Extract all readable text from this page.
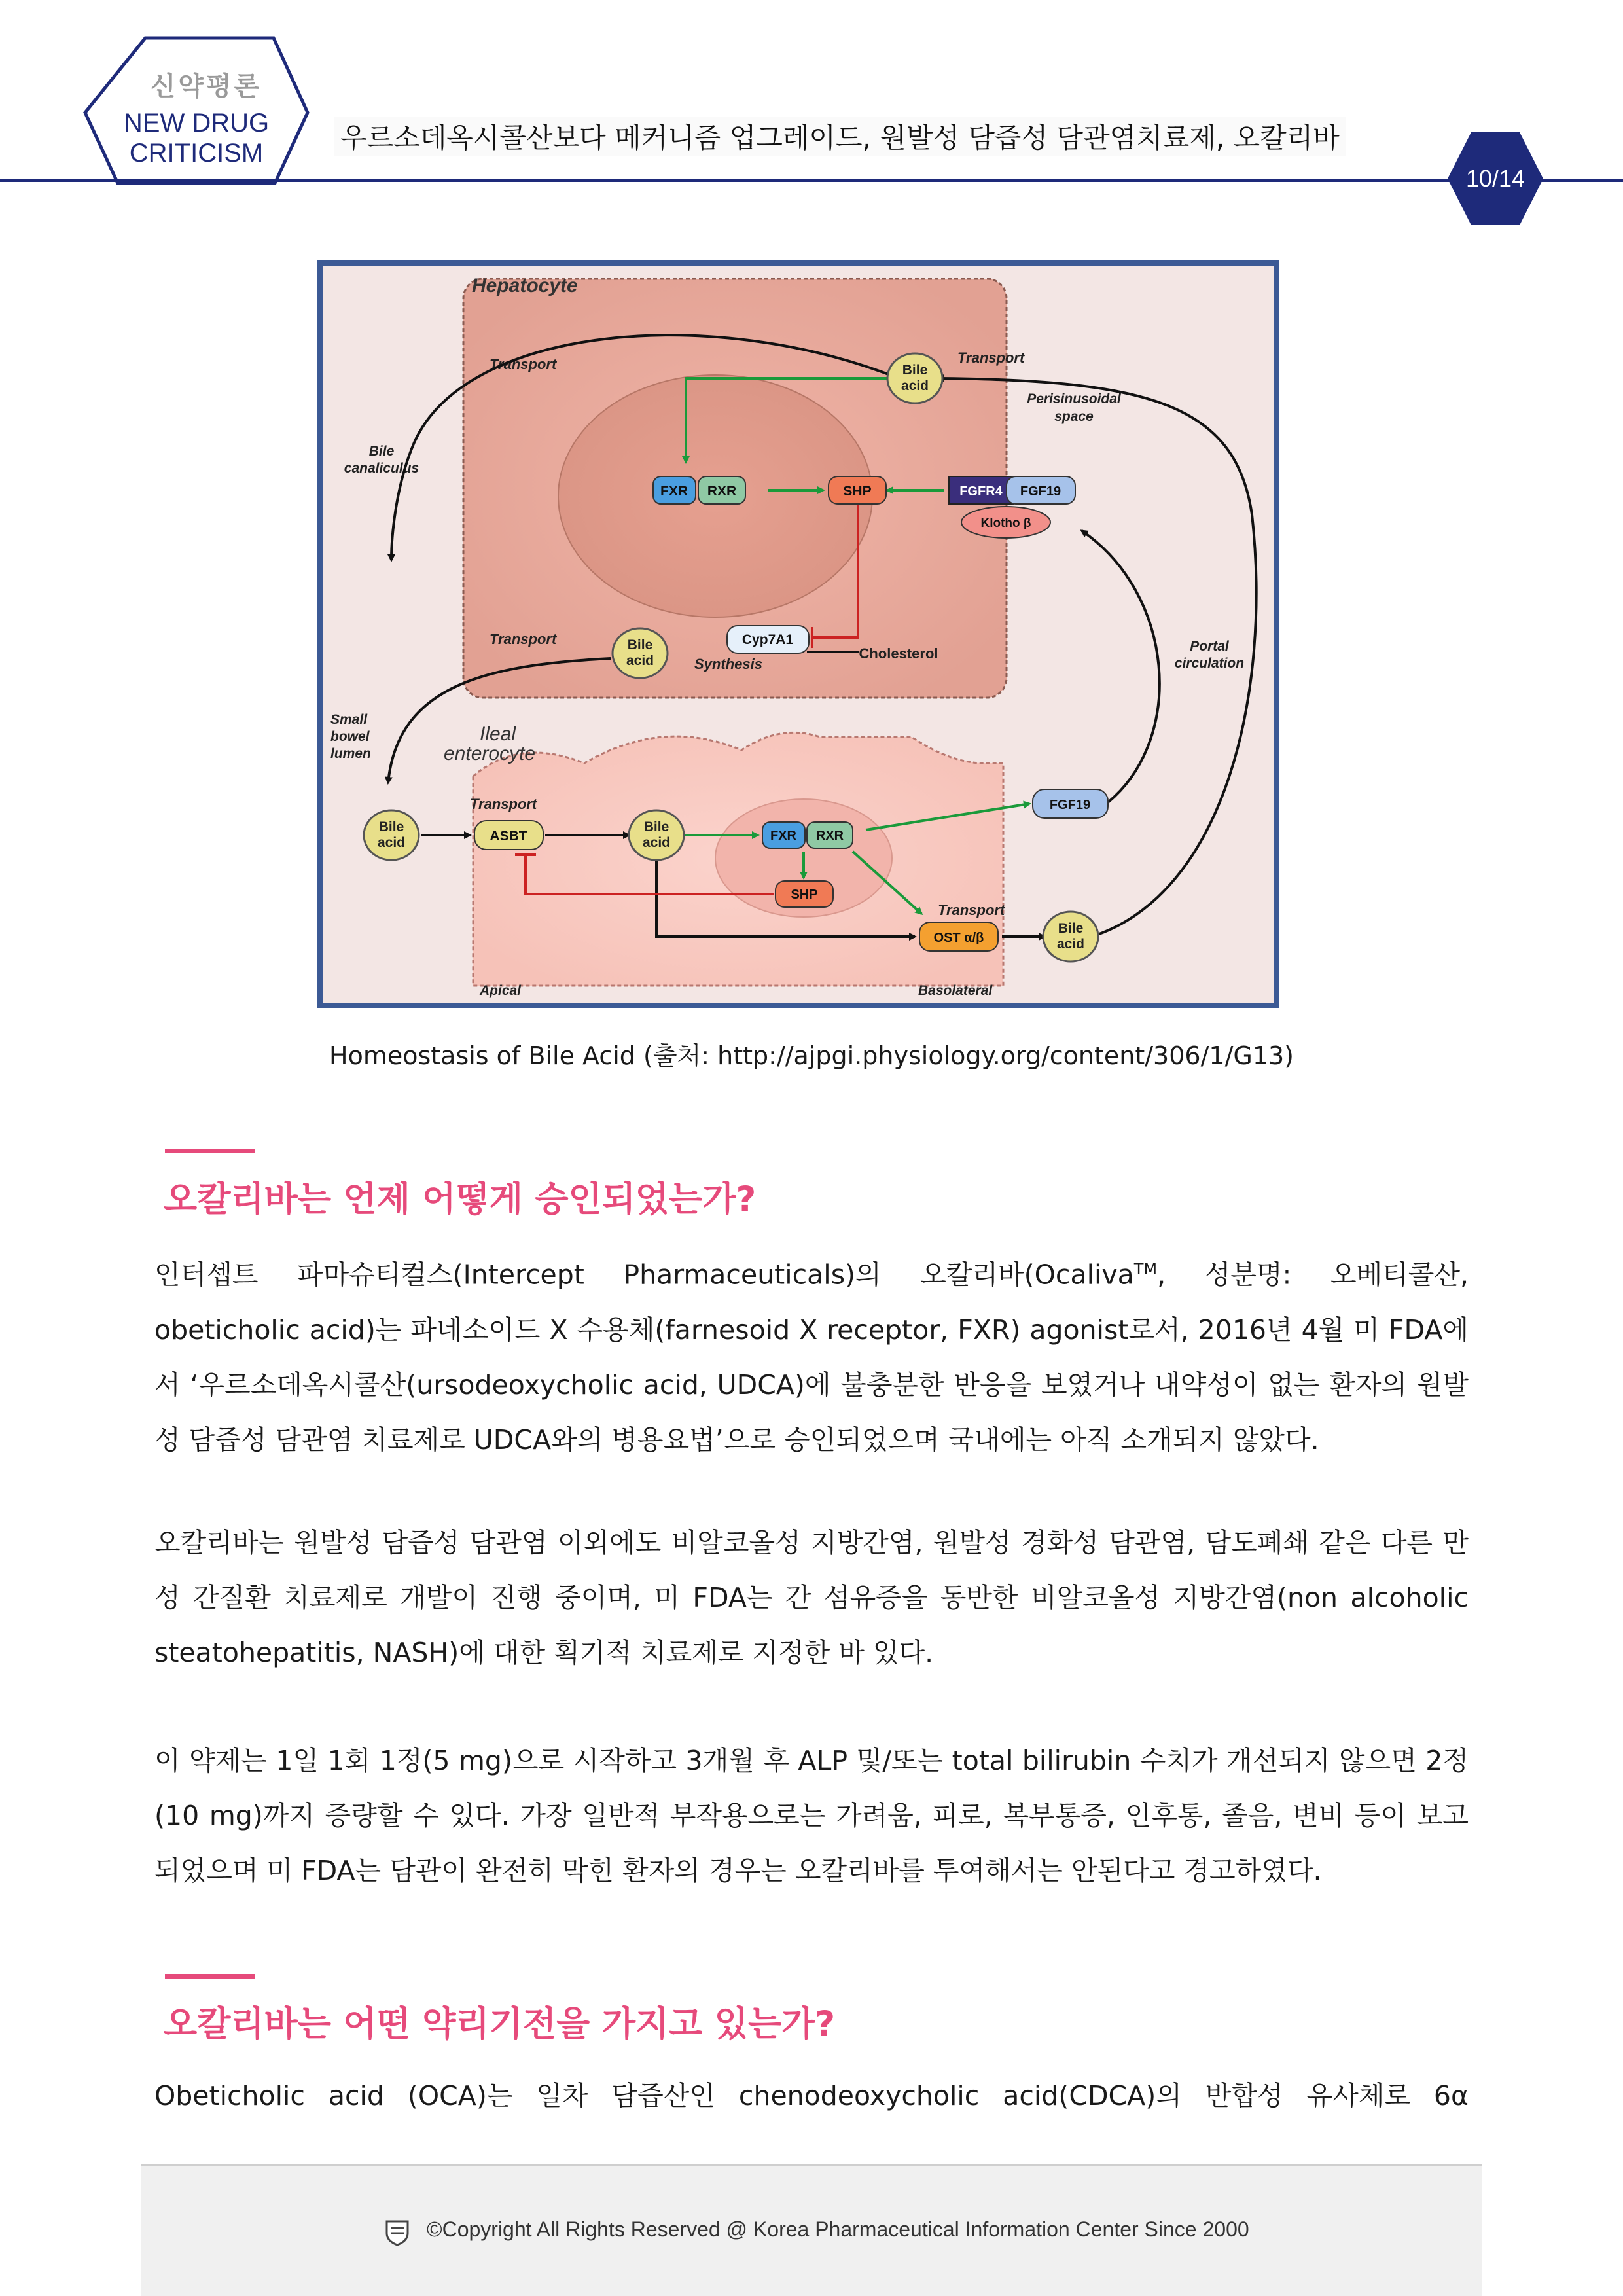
신약평론
NEW DRUG
CRITICISM	우르소데옥시콜산보다 메커니즘 업그레이드, 원발성 담즙성 담관염치료제, 오칼리바
10/14
Hepatocyte
Transport	Transport
Perisinusoidal
space
Bile
canaliculus
Transport
Synthesis
Cholesterol	Portal
circulation
Small
bowel
lumen
Ileal
enterocyte
Transport
Transport
Apical	Basolateral
Bile
acid
FXR RXR	SHP	FGFR4 FGF19
Klotho β
Bile
acid
Cyp7A1
Bile
acid	ASBT
Bile
acid	FXR RXR
SHP
FGF19
OST α/β
Bile
acid
Homeostasis of Bile Acid (출처: http://ajpgi.physiology.org/content/306/1/G13)
오칼리바는 언제 어떻게 승인되었는가?
인터셉트 파마슈티컬스(Intercept Pharmaceuticals)의 오칼리바(Ocaliva™, 성분명: 오베티콜산, obeticholic acid)는 파네소이드 X 수용체(farnesoid X receptor, FXR) agonist로서, 2016년 4월 미 FDA에서 ‘우르소데옥시콜산(ursodeoxycholic acid, UDCA)에 불충분한 반응을 보였거나 내약성이 없는 환자의 원발성 담즙성 담관염 치료제로 UDCA와의 병용요법’으로 승인되었으며 국내에는 아직 소개되지 않았다.
오칼리바는 원발성 담즙성 담관염 이외에도 비알코올성 지방간염, 원발성 경화성 담관염, 담도폐쇄 같은 다른 만성 간질환 치료제로 개발이 진행 중이며, 미 FDA는 간 섬유증을 동반한 비알코올성 지방간염(non alcoholic steatohepatitis, NASH)에 대한 획기적 치료제로 지정한 바 있다.
이 약제는 1일 1회 1정(5 mg)으로 시작하고 3개월 후 ALP 및/또는 total bilirubin 수치가 개선되지 않으면 2정(10 mg)까지 증량할 수 있다. 가장 일반적 부작용으로는 가려움, 피로, 복부통증, 인후통, 졸음, 변비 등이 보고되었으며 미 FDA는 담관이 완전히 막힌 환자의 경우는 오칼리바를 투여해서는 안된다고 경고하였다.
오칼리바는 어떤 약리기전을 가지고 있는가?
Obeticholic acid (OCA)는 일차 담즙산인 chenodeoxycholic acid(CDCA)의 반합성 유사체로 6α
©Copyright All Rights Reserved @ Korea Pharmaceutical Information Center Since 2000
